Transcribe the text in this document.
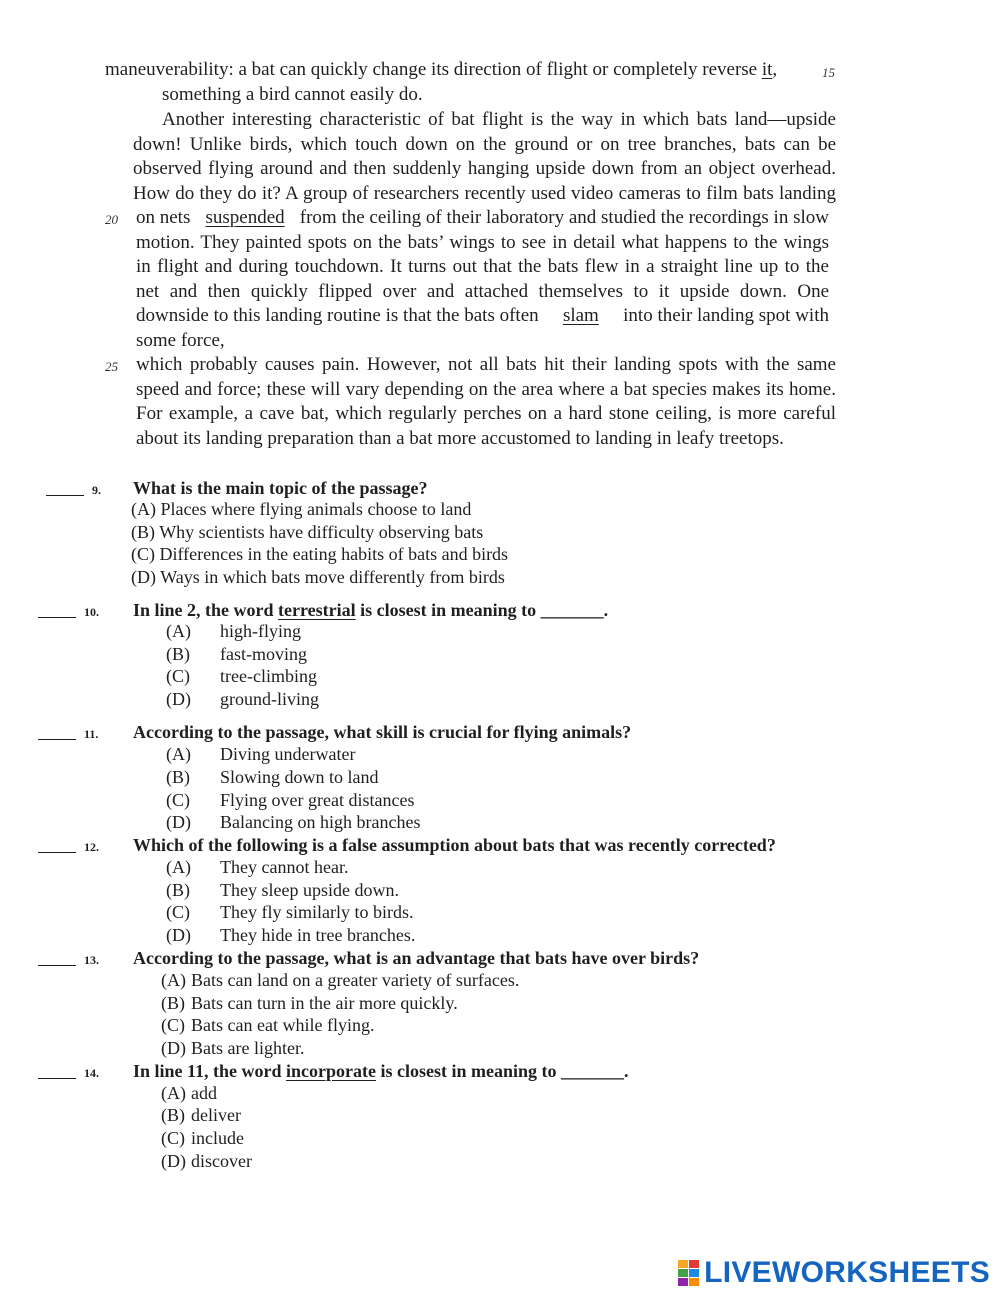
maneuverability: a bat can quickly change its direction of flight or completely reverse it,	15
something a bird cannot easily do.
Another interesting characteristic of bat flight is the way in which bats land—upside
down! Unlike birds, which touch down on the ground or on tree branches, bats can be
observed flying around and then suddenly hanging upside down from an object overhead.
How do they do it? A group of researchers recently used video cameras to film bats landing
20 on nets suspended from the ceiling of their laboratory and studied the recordings in slow
motion. They painted spots on the bats’ wings to see in detail what happens to the wings
in flight and during touchdown. It turns out that the bats flew in a straight line up to the
net and then quickly flipped over and attached themselves to it upside down. One
downside to this landing routine is that the bats often slam into their landing spot with
some force,
25 which probably causes pain. However, not all bats hit their landing spots with the same
speed and force; these will vary depending on the area where a bat species makes its home.
For example, a cave bat, which regularly perches on a hard stone ceiling, is more careful
about its landing preparation than a bat more accustomed to landing in leafy treetops.
9. What is the main topic of the passage?
(A) Places where flying animals choose to land
(B) Why scientists have difficulty observing bats
(C) Differences in the eating habits of bats and birds
(D) Ways in which bats move differently from birds
10. In line 2, the word terrestrial is closest in meaning to _______.
(A) high-flying
(B) fast-moving
(C) tree-climbing
(D) ground-living
11. According to the passage, what skill is crucial for flying animals?
(A) Diving underwater
(B) Slowing down to land
(C) Flying over great distances
(D) Balancing on high branches
12. Which of the following is a false assumption about bats that was recently corrected?
(A) They cannot hear.
(B) They sleep upside down.
(C) They fly similarly to birds.
(D) They hide in tree branches.
13. According to the passage, what is an advantage that bats have over birds?
(A) Bats can land on a greater variety of surfaces.
(B) Bats can turn in the air more quickly.
(C) Bats can eat while flying.
(D) Bats are lighter.
14. In line 11, the word incorporate is closest in meaning to _______.
(A) add
(B) deliver
(C) include
(D) discover
LIVEWORKSHEETS
